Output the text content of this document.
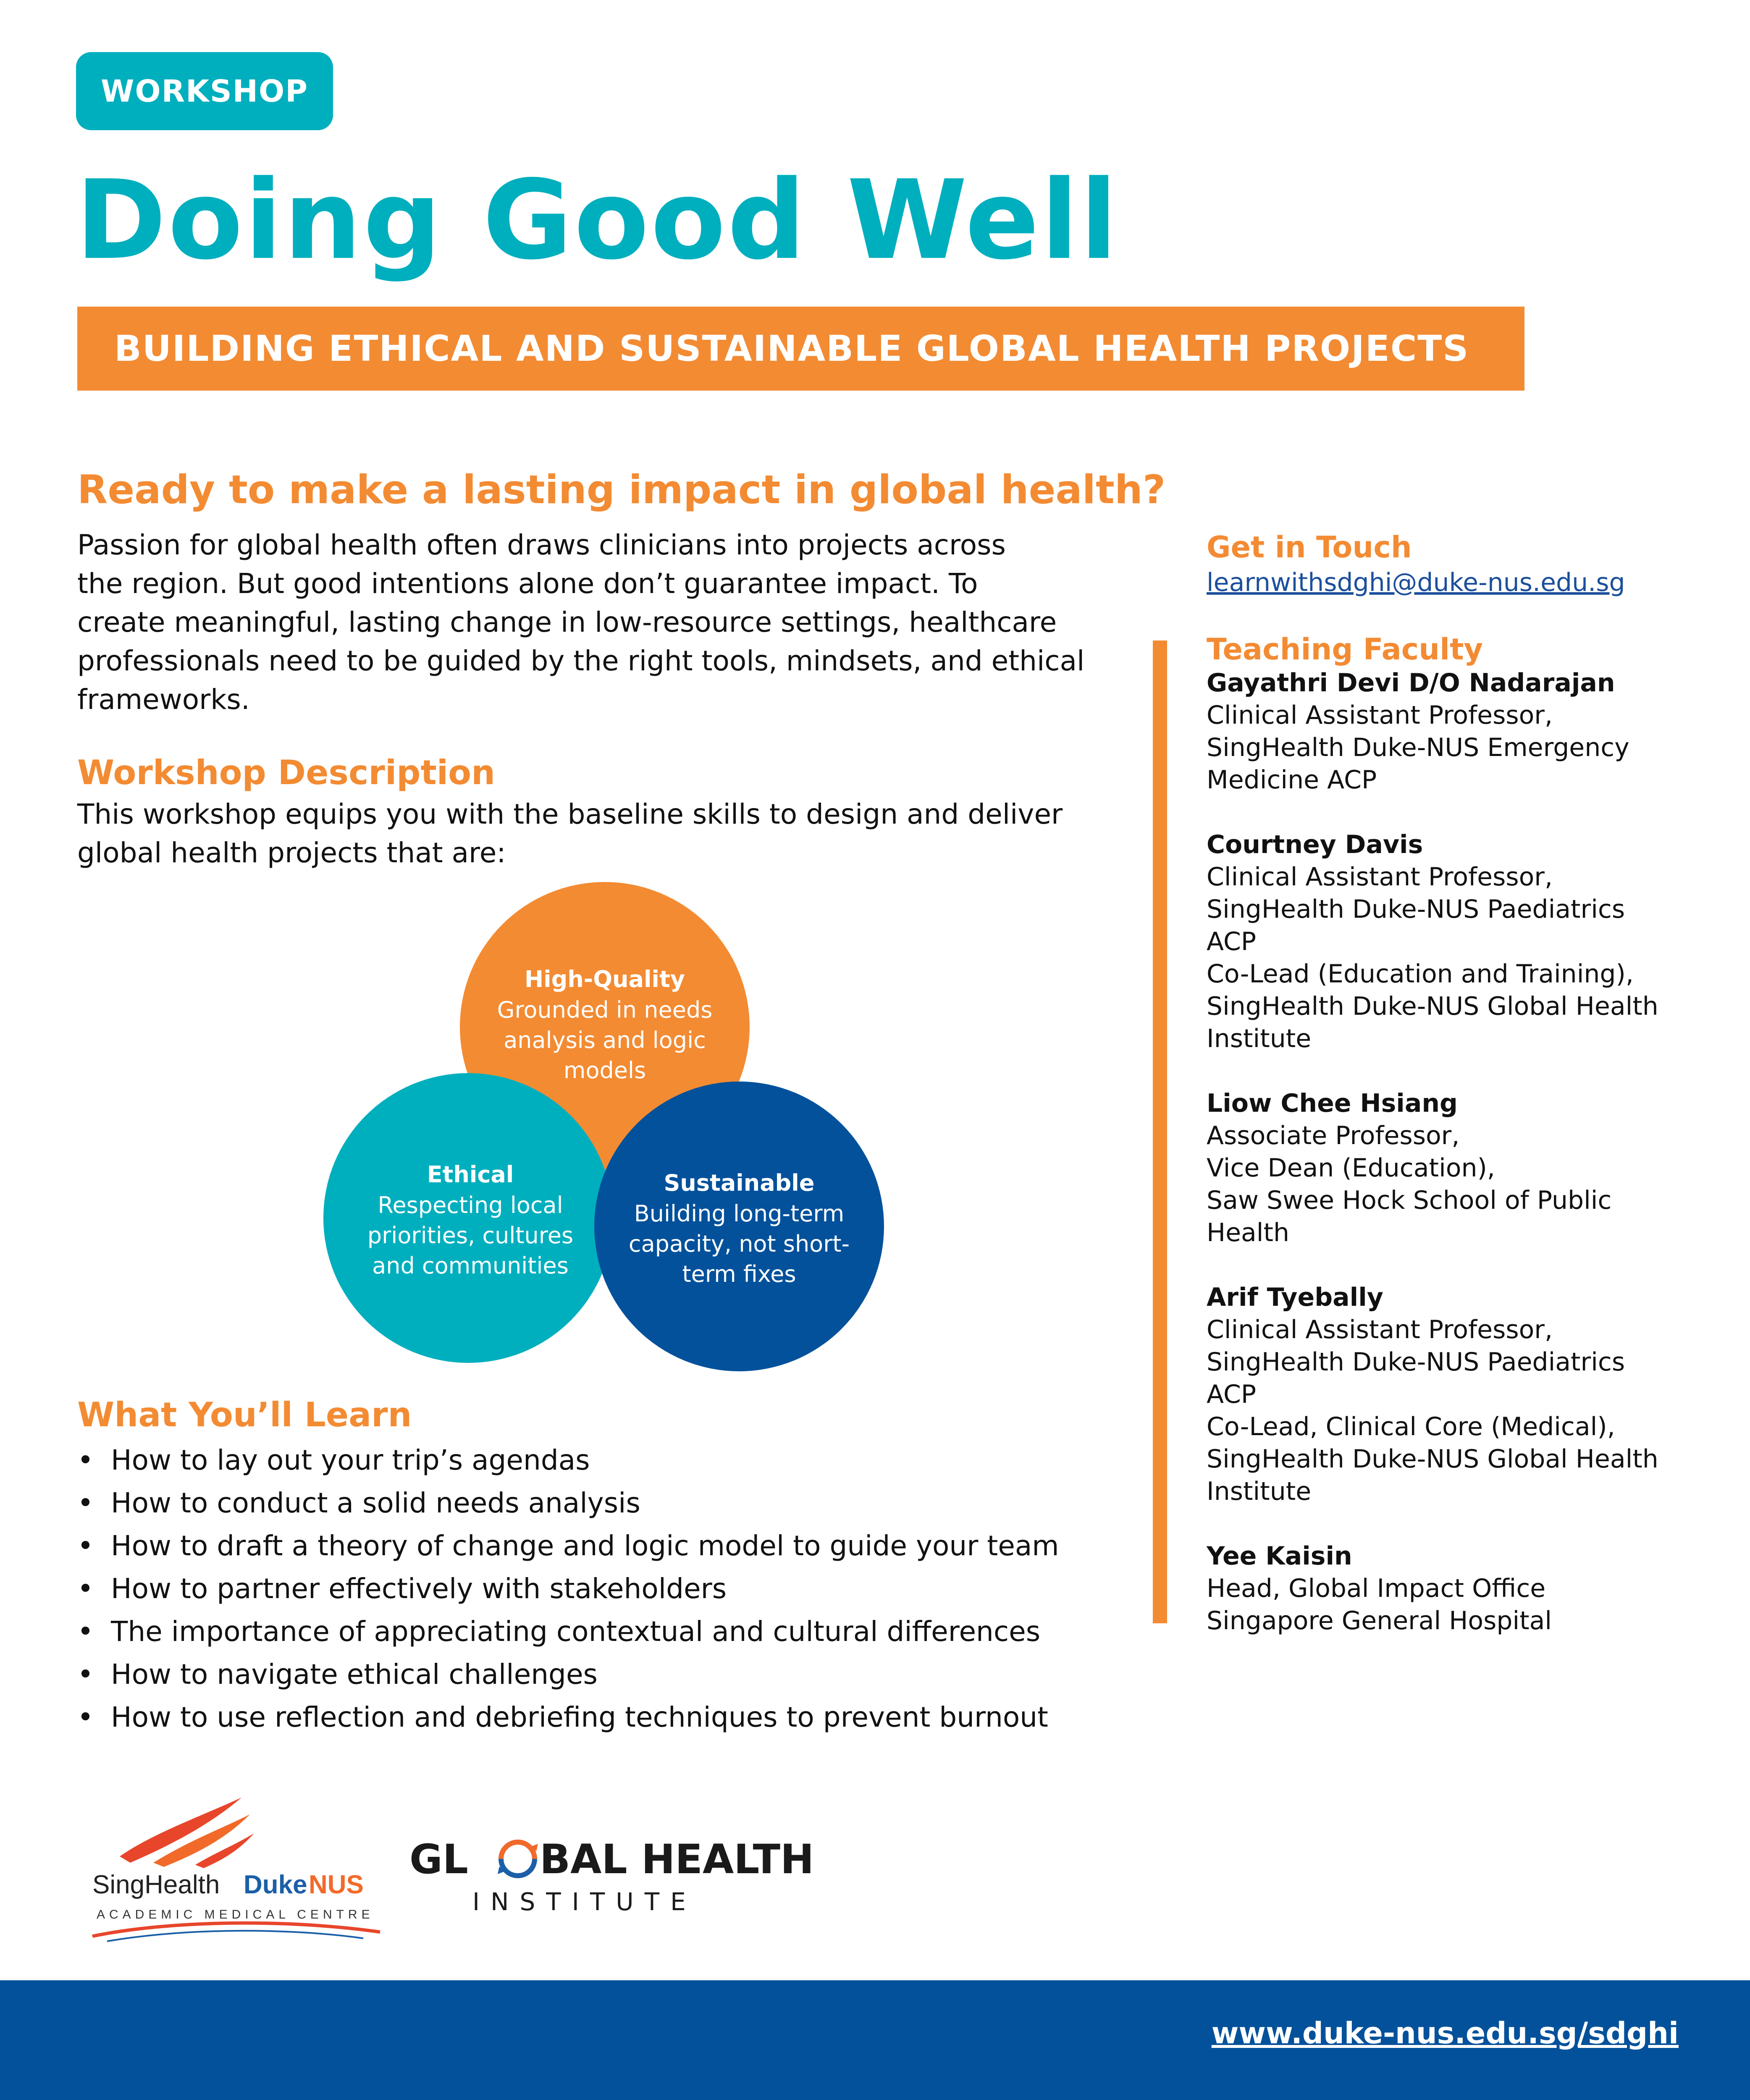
WORKSHOP
Doing Good Well
BUILDING ETHICAL AND SUSTAINABLE GLOBAL HEALTH PROJECTS
Ready to make a lasting impact in global health?

Passion for global health often draws clinicians into projects across
the region. But good intentions alone don’t guarantee impact. To
create meaningful, lasting change in low-resource settings, healthcare
professionals need to be guided by the right tools, mindsets, and ethical
frameworks.

Workshop Description

This workshop equips you with the baseline skills to design and deliver
global health projects that are:

High-Quality
Grounded in needs
analysis and logic
models
Ethical
Respecting local
priorities, cultures
and communities
Sustainable
Building long-term
capacity, not short-
term fixes
What You’ll Learn
• How to lay out your trip’s agendas
• How to conduct a solid needs analysis
• How to draft a theory of change and logic model to guide your team
• How to partner effectively with stakeholders
• The importance of appreciating contextual and cultural differences
• How to navigate ethical challenges
• How to use reflection and debriefing techniques to prevent burnout
Get in Touch
learnwithsdghi@duke-nus.edu.sg
Teaching Faculty
Gayathri Devi D/O Nadarajan
Clinical Assistant Professor,
SingHealth Duke-NUS Emergency
Medicine ACP
Courtney Davis
Clinical Assistant Professor,
SingHealth Duke-NUS Paediatrics
ACP
Co-Lead (Education and Training),
SingHealth Duke-NUS Global Health
Institute
Liow Chee Hsiang
Associate Professor,
Vice Dean (Education),
Saw Swee Hock School of Public
Health
Arif Tyebally
Clinical Assistant Professor,
SingHealth Duke-NUS Paediatrics
ACP
Co-Lead, Clinical Core (Medical),
SingHealth Duke-NUS Global Health
Institute
Yee Kaisin
Head, Global Impact Office
Singapore General Hospital
SingHealth Duke NUS
ACADEMIC MEDICAL CENTRE
GL BAL HEALTH
INSTITUTE
www.duke-nus.edu.sg/sdghi
